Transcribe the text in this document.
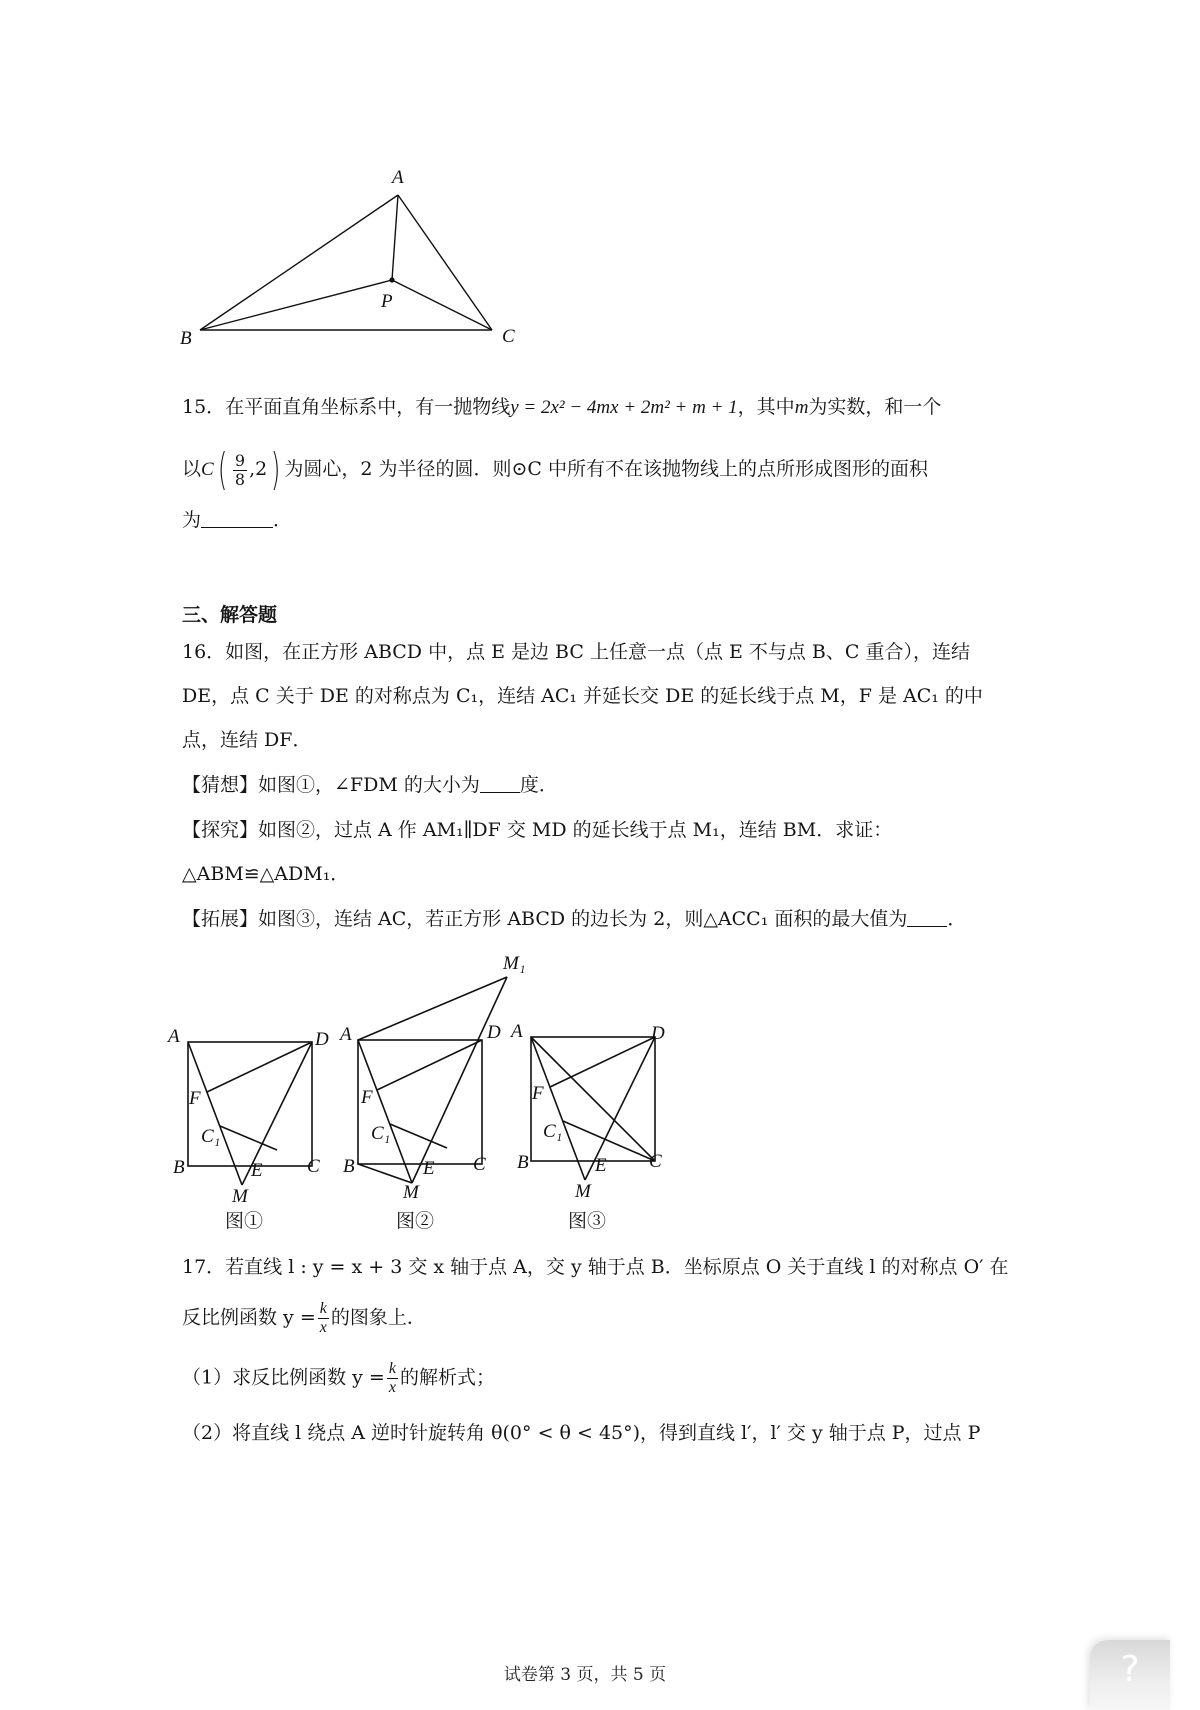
A
B	C
P
15．在平面直角坐标系中，有一抛物线y = 2x² − 4mx + 2m² + m + 1，其中m为实数，和一个
以$C( \frac{9}{8} ,2)$ 为圆心，2 为半径的圆．则⊙C 中所有不在该抛物线上的点所形成图形的面积
为	．
三、解答题
16．如图，在正方形 ABCD 中，点 E 是边 BC 上任意一点（点 E 不与点 B、C 重合），连结
DE，点 C 关于 DE 的对称点为 C₁，连结 AC₁ 并延长交 DE 的延长线于点 M，F 是 AC₁ 的中
点，连结 DF．
【猜想】如图①，∠FDM 的大小为 度．
【探究】如图②，过点 A 作 AM₁∥DF 交 MD 的延长线于点 M₁，连结 BM．求证：
△ABM≌△ADM₁．
【拓展】如图③，连结 AC，若正方形 ABCD 的边长为 2，则△ACC₁ 面积的最大值为 ．
A	D
F
C₁
B	E C
M
图①
A	D
F
C₁
B	E C
M
M₁
图②
A	D
F
C₁
B	E C
M
图③
17．若直线 l : y = x + 3 交 x 轴于点 A，交 y 轴于点 B．坐标原点 O 关于直线 l 的对称点 O′ 在
反比例函数 $y = \frac{k}{x}$ 的图象上．
（1）求反比例函数 $y = \frac{k}{x}$ 的解析式；
（2）将直线 l 绕点 A 逆时针旋转角 θ(0° < θ < 45°)，得到直线 l′，l′ 交 y 轴于点 P，过点 P
试卷第 3 页，共 5 页	?
